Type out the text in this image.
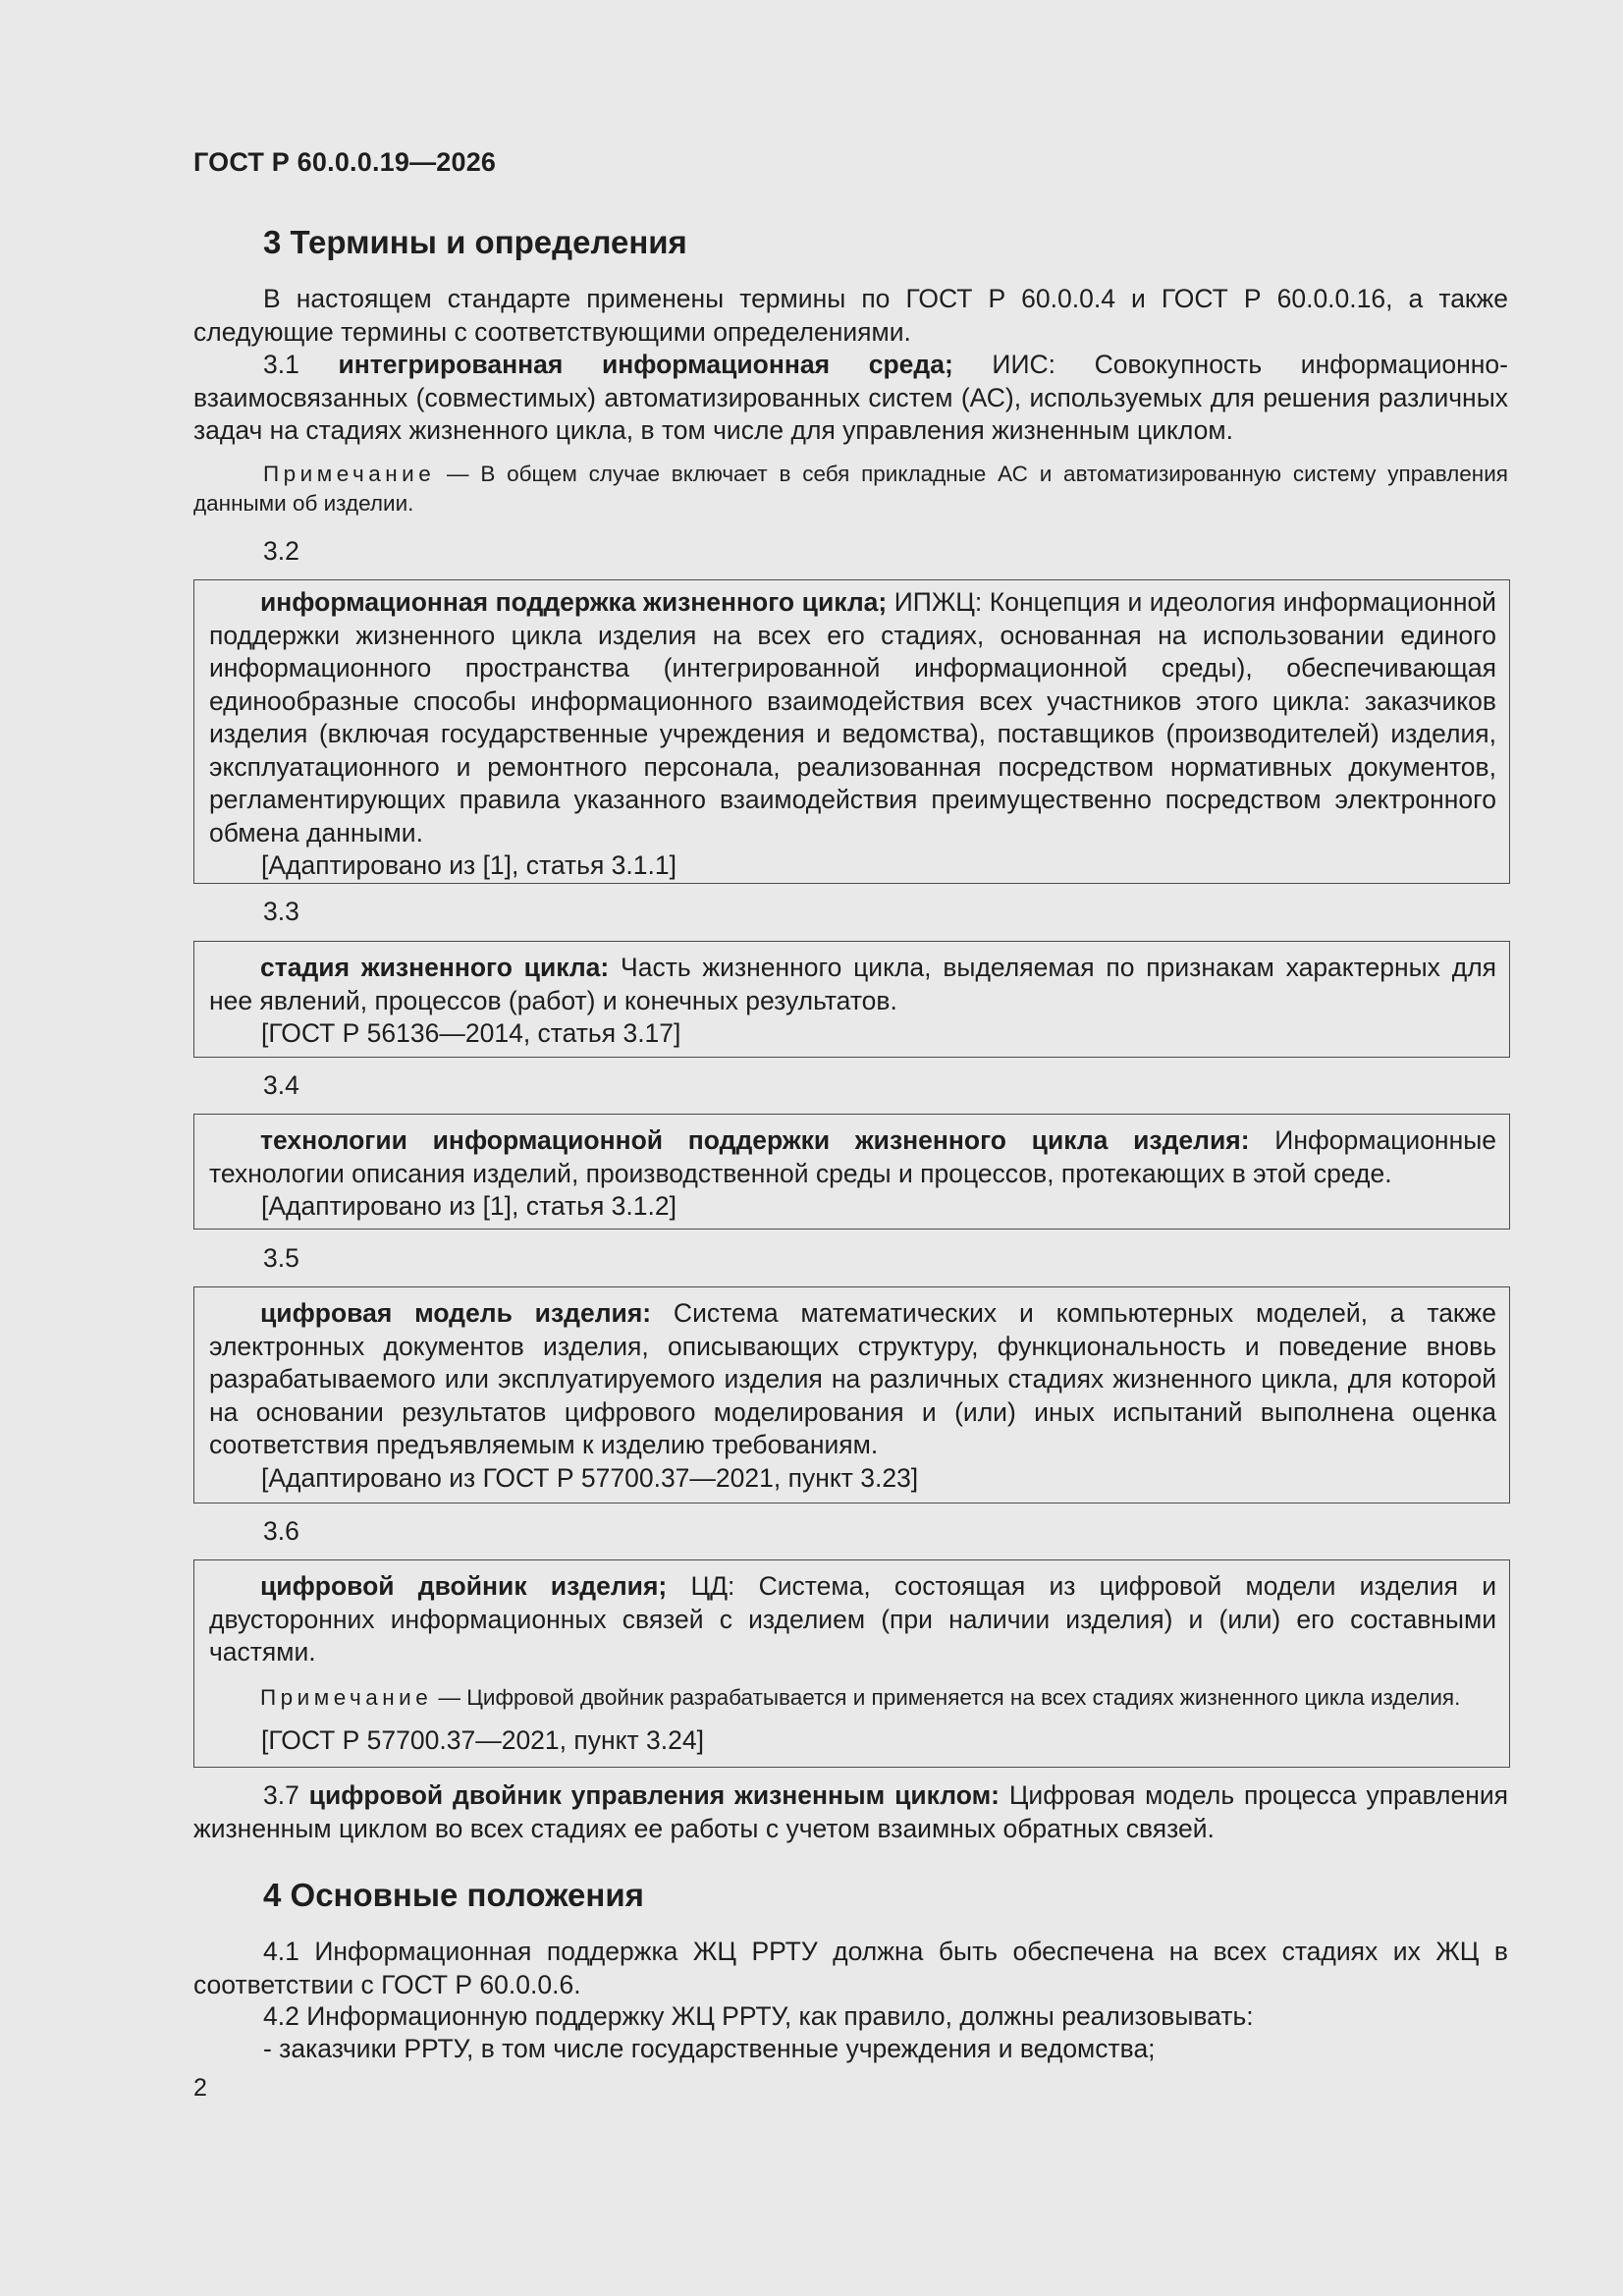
ГОСТ Р 60.0.0.19—2026
3 Термины и определения
В настоящем стандарте применены термины по ГОСТ Р 60.0.0.4 и ГОСТ Р 60.0.0.16, а также следующие термины с соответствующими определениями.
3.1 интегрированная информационная среда; ИИС: Совокупность информационно-взаимосвязанных (совместимых) автоматизированных систем (АС), используемых для решения различных задач на стадиях жизненного цикла, в том числе для управления жизненным циклом.
Примечание — В общем случае включает в себя прикладные АС и автоматизированную систему управления данными об изделии.
3.2

информационная поддержка жизненного цикла; ИПЖЦ: Концепция и идеология информационной поддержки жизненного цикла изделия на всех его стадиях, основанная на использовании единого информационного пространства (интегрированной информационной среды), обеспечивающая единообразные способы информационного взаимодействия всех участников этого цикла: заказчиков изделия (включая государственные учреждения и ведомства), поставщиков (производителей) изделия, эксплуатационного и ремонтного персонала, реализованная посредством нормативных документов, регламентирующих правила указанного взаимодействия преимущественно посредством электронного обмена данными.

[Адаптировано из [1], статья 3.1.1]

3.3

стадия жизненного цикла: Часть жизненного цикла, выделяемая по признакам характерных для нее явлений, процессов (работ) и конечных результатов.

[ГОСТ Р 56136—2014, статья 3.17]

3.4

технологии информационной поддержки жизненного цикла изделия: Информационные технологии описания изделий, производственной среды и процессов, протекающих в этой среде.

[Адаптировано из [1], статья 3.1.2]

3.5

цифровая модель изделия: Система математических и компьютерных моделей, а также электронных документов изделия, описывающих структуру, функциональность и поведение вновь разрабатываемого или эксплуатируемого изделия на различных стадиях жизненного цикла, для которой на основании результатов цифрового моделирования и (или) иных испытаний выполнена оценка соответствия предъявляемым к изделию требованиям.

[Адаптировано из ГОСТ Р 57700.37—2021, пункт 3.23]

3.6

цифровой двойник изделия; ЦД: Система, состоящая из цифровой модели изделия и двусторонних информационных связей с изделием (при наличии изделия) и (или) его составными частями.

Примечание — Цифровой двойник разрабатывается и применяется на всех стадиях жизненного цикла изделия.

[ГОСТ Р 57700.37—2021, пункт 3.24]

3.7 цифровой двойник управления жизненным циклом: Цифровая модель процесса управления жизненным циклом во всех стадиях ее работы с учетом взаимных обратных связей.
4 Основные положения
4.1 Информационная поддержка ЖЦ РРТУ должна быть обеспечена на всех стадиях их ЖЦ в соответствии с ГОСТ Р 60.0.0.6.
4.2 Информационную поддержку ЖЦ РРТУ, как правило, должны реализовывать:
- заказчики РРТУ, в том числе государственные учреждения и ведомства;
2
